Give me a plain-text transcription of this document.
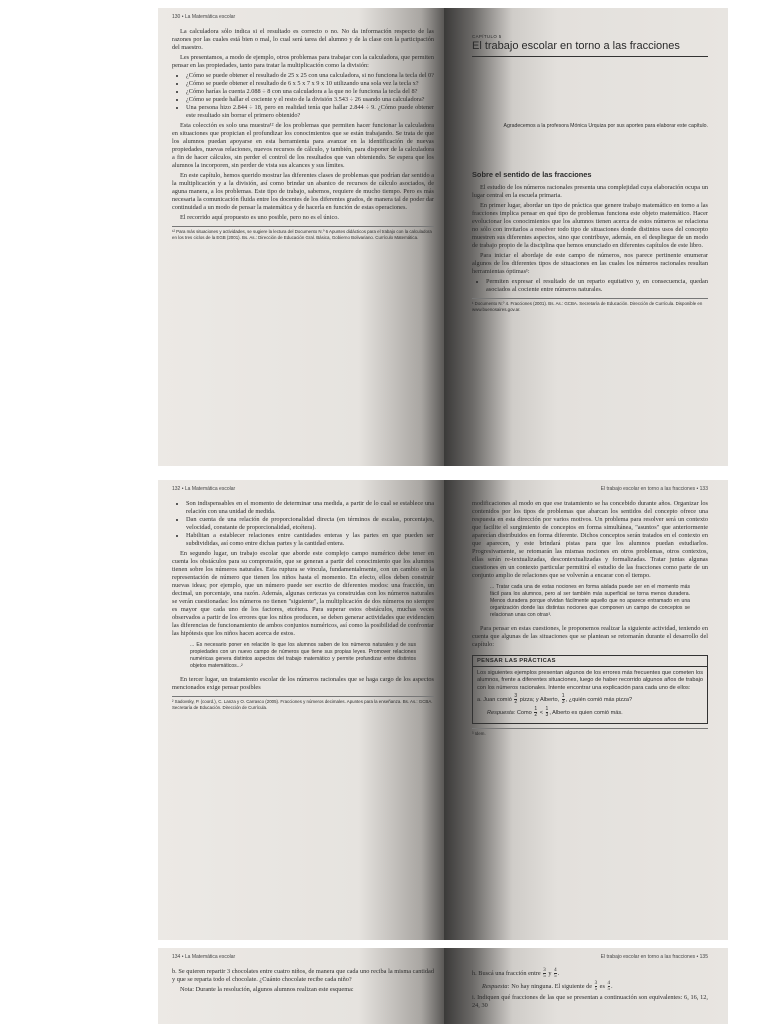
130 • La Matemática escolar

La calculadora sólo indica si el resultado es correcto o no. No da información respecto de las razones por las cuales está bien o mal, lo cual será tarea del alumno y de la clase con la participación del maestro.

Les presentamos, a modo de ejemplo, otros problemas para trabajar con la calculadora, que permiten pensar en las propiedades, tanto para tratar la multiplicación como la división:

• ¿Cómo se puede obtener el resultado de 25 x 25 con una calculadora, si no funciona la tecla del 0?
• ¿Cómo se puede obtener el resultado de 6 x 5 x 7 x 9 x 10 utilizando una sola vez la tecla x?
• ¿Cómo harías la cuenta 2.088 ÷ 8 con una calculadora a la que no le funciona la tecla del 8?
• ¿Cómo se puede hallar el cociente y el resto de la división 3.543 ÷ 26 usando una calculadora?
• Una persona hizo 2.844 ÷ 18, pero en realidad tenía que hallar 2.844 ÷ 9. ¿Cómo puede obtener este resultado sin borrar el primero obtenido?

Esta colección es solo una muestra¹² de los problemas que permiten hacer funcionar la calculadora en situaciones que propician el profundizar los conocimientos que se están trabajando. Se trata de que los alumnos puedan apoyarse en esta herramienta para avanzar en la identificación de nuevas propiedades, nuevas relaciones, nuevos recursos de cálculo, y también, para disponer de la calculadora a fin de hacer cálculos, sin perder el control de los resultados que van obteniendo. Se espera que los alumnos la incorporen, sin perder de vista sus alcances y sus límites.

En este capítulo, hemos querido mostrar las diferentes clases de problemas que podrían dar sentido a la multiplicación y a la división, así como brindar un abanico de recursos de cálculo asociados, de aguna manera, a los problemas. Este tipo de trabajo, sabemos, requiere de mucho tiempo. Pero es más necesaria la comunicación fluida entre los docentes de los diferentes grados, de manera tal de poder dar continuidad a un modo de pensar la matemática y de hacerla en función de estas operaciones.

El recorrido aquí propuesto es uno posible, pero no es el único.

¹² Para más situaciones y actividades, se sugiere la lectura del Documento N.º 6 Apuntes didácticos para el trabajo con la calculadora en los tres ciclos de la EGB (2001). Bs. As.: Dirección de Educación Gral. Básica, Gobierno Bolivariano. Currículo Matemática.
CAPÍTULO 5
El trabajo escolar en torno a las fracciones
Agradecemos a la profesora Mónica Urquiza por sus aportes para elaborar este capítulo.
Sobre el sentido de las fracciones

El estudio de los números racionales presenta una complejidad cuya elaboración ocupa un lugar central en la escuela primaria.

En primer lugar, abordar un tipo de práctica que genere trabajo matemático en torno a las fracciones implica pensar en qué tipo de problemas funciona este objeto matemático. Hacer evolucionar los conocimientos que los alumnos tienen acerca de estos números se relaciona no sólo con invitarlos a resolver todo tipo de situaciones donde distintos usos del concepto muestren sus diferentes aspectos, sino que contribuye, además, en el despliegue de un modo de trabajo propio de la disciplina que hemos enunciado en diferentes capítulos de este libro.

Para iniciar el abordaje de este campo de números, nos parece pertinente enumerar algunos de los diferentes tipos de situaciones en las cuales los números racionales resultan herramientas óptimas¹:

• Permiten expresar el resultado de un reparto equitativo y, en consecuencia, quedan asociados al cociente entre números naturales.
¹ Documento N.º 4. Fracciones (2001). Bs. As.: GCBA. Secretaría de Educación. Dirección de Currícula. Disponible en www.buenosaires.gov.ar.
132 • La Matemática escolar
• Son indispensables en el momento de determinar una medida, a partir de lo cual se establece una relación con una unidad de medida.
• Dan cuenta de una relación de proporcionalidad directa (en términos de escalas, porcentajes, velocidad, constante de proporcionalidad, etcétera).
• Habilitan a establecer relaciones entre cantidades enteras y las partes en que pueden ser subdivididas, así como entre dichas partes y la cantidad entera.

En segundo lugar, un trabajo escolar que aborde este complejo campo numérico debe tener en cuenta los obstáculos para su comprensión, que se generan a partir del conocimiento que los alumnos tienen sobre los números naturales. Esta ruptura se vincula, fundamentalmente, con un cambio en la representación de número que tienen los niños hasta el momento. En efecto, ellos deben construir nuevas ideas; por ejemplo, que un número puede ser escrito de diferentes modos: una fracción, un decimal, un porcentaje, una razón. Además, algunas certezas ya construidas con los números naturales se verán cuestionadas: los números no tienen "siguiente", la multiplicación de dos números no siempre es mayor que cada uno de los factores, etcétera. Para superar estos obstáculos, muchas veces observados a partir de los errores que los niños producen, se deben generar actividades que evidencien las diferencias de funcionamiento de ambos conjuntos numéricos, así como la posibilidad de confrontar las hipótesis que los niños hacen acerca de estos.

... Es necesario poner en relación lo que los alumnos saben de los números naturales y de sus propiedades con un nuevo campo de números que tiene sus propias leyes. Promover relaciones numéricas genera distintos aspectos del trabajo matemático y permite profundizar entre distintos objetos matemáticos...²

En tercer lugar, un tratamiento escolar de los números racionales que se haga cargo de los aspectos mencionados exige pensar posibles

² Sadovsky, P. (coord.), C. Lanza y O. Carrasco (2005). Fracciones y números decimales. Apuntes para la enseñanza. Bs. As.: GCBA. Secretaría de Educación. Dirección de Currícula.
El trabajo escolar en torno a las fracciones • 133

modificaciones al modo en que ese tratamiento se ha concebido durante años. Organizar los contenidos por los tipos de problemas que abarcan los sentidos del concepto ofrece una respuesta en esta dirección por varios motivos. Un problema para resolver será un contexto que facilite el surgimiento de conceptos en forma simultánea, "asuntos" que anteriormente aparecían distribuidos en forma diferente. Dichos conceptos serán tratados en el contexto en que aparecen, y este brindará pistas para que los alumnos puedan estudiarlos. Progresivamente, se retomarán las mismas nociones en otros problemas, otros contextos, ellas serán re-textualizadas, descontextualizadas y formalizadas. Tratar juntas algunas cuestiones en un contexto particular permitirá el estudio de las fracciones como parte de un conjunto amplio de relaciones que se volverán a encarar con el tiempo.

... Tratar cada una de estas nociones en forma aislada puede ser en el momento más fácil para los alumnos, pero al ser también más superficial se torna menos duradera. Menos duradera porque olvidan fácilmente aquello que no aparece entramado en una organización donde las distintas nociones que componen un campo de conceptos se relacionan unas con otras³.

Para pensar en estas cuestiones, le proponemos realizar la siguiente actividad, teniendo en cuenta que algunas de las situaciones que se plantean se retomarán durante el desarrollo del capítulo:

PENSAR LAS PRÁCTICAS

Los siguientes ejemplos presentan algunos de los errores más frecuentes que cometen los alumnos, frente a diferentes situaciones, luego de haber recorrido algunos años de trabajo con los números racionales. Intente encontrar una explicación para cada uno de ellos:

a. Juan comió $\frac{3}{2}$ pizza; y Alberto, $\frac{1}{3}$ , ¿quién comió más pizza?

Respuesta: Como $\frac{1}{2} < \frac{1}{3}$ , Alberto es quien comió más.

³ Idem.
134 • La Matemática escolar

b. Se quieren repartir 3 chocolates entre cuatro niños, de manera que cada uno reciba la misma cantidad y que se reparta todo el chocolate. ¿Cuánto chocolate recibe cada niño?

Nota: Durante la resolución, algunos alumnos realizan este esquema:

El trabajo escolar en torno a las fracciones • 135

h. Buscá una fracción entre $\frac{3}{5}$ y $\frac{4}{5}$ .

Respuesta: No hay ninguna. El siguiente de $\frac{3}{5}$ es $\frac{4}{5}$ .

i. Indiquen qué fracciones de las que se presentan a continuación son equivalentes: 6, 16, 12, 24, 30
